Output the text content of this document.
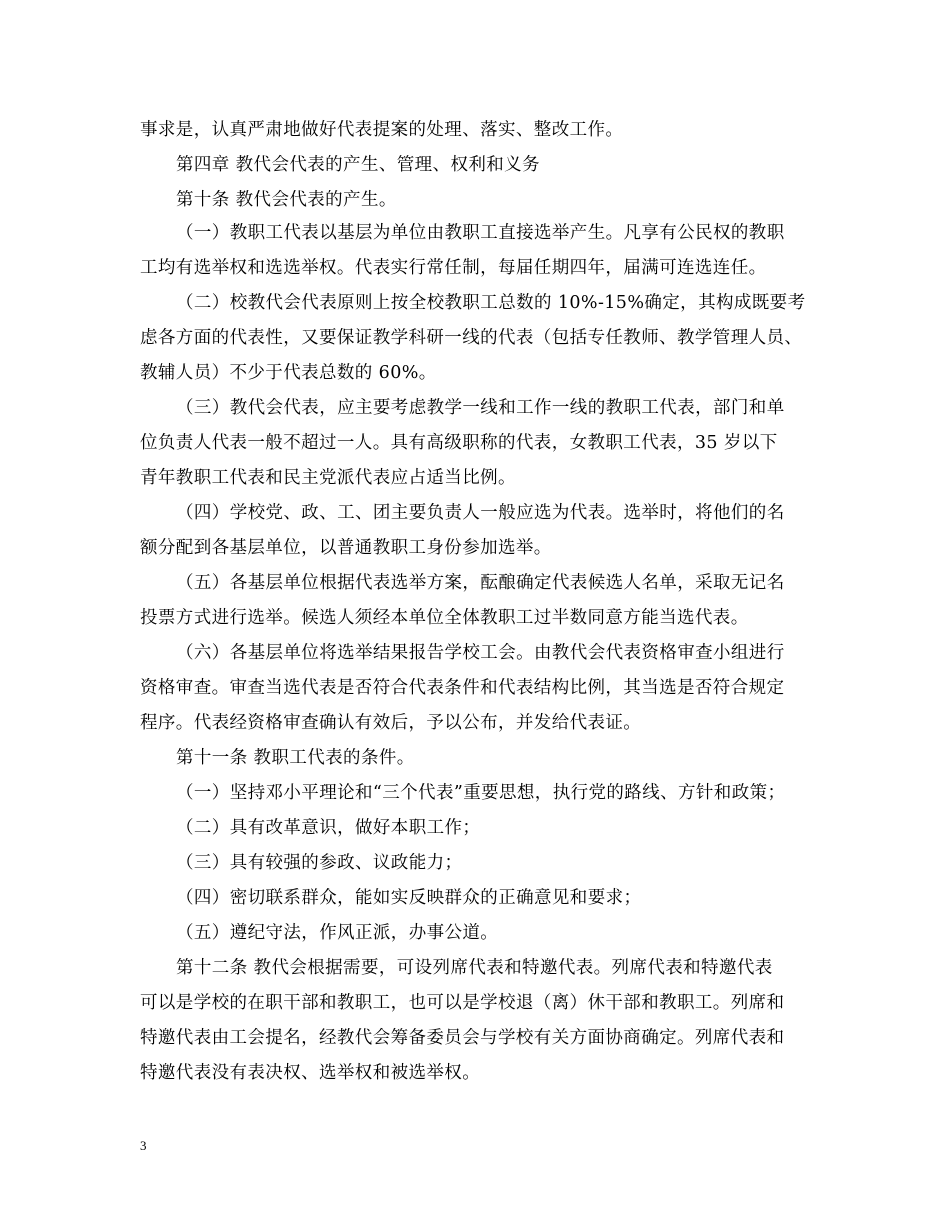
事求是，认真严肃地做好代表提案的处理、落实、整改工作。
第四章 教代会代表的产生、管理、权利和义务
第十条 教代会代表的产生。
（一）教职工代表以基层为单位由教职工直接选举产生。凡享有公民权的教职
工均有选举权和选选举权。代表实行常任制，每届任期四年，届满可连选连任。
（二）校教代会代表原则上按全校教职工总数的 10%-15%确定，其构成既要考
虑各方面的代表性，又要保证教学科研一线的代表（包括专任教师、教学管理人员、
教辅人员）不少于代表总数的 60%。
（三）教代会代表，应主要考虑教学一线和工作一线的教职工代表，部门和单
位负责人代表一般不超过一人。具有高级职称的代表，女教职工代表，35 岁以下
青年教职工代表和民主党派代表应占适当比例。
（四）学校党、政、工、团主要负责人一般应选为代表。选举时，将他们的名
额分配到各基层单位，以普通教职工身份参加选举。
（五）各基层单位根据代表选举方案，酝酿确定代表候选人名单，采取无记名
投票方式进行选举。候选人须经本单位全体教职工过半数同意方能当选代表。
（六）各基层单位将选举结果报告学校工会。由教代会代表资格审查小组进行
资格审查。审查当选代表是否符合代表条件和代表结构比例，其当选是否符合规定
程序。代表经资格审查确认有效后，予以公布，并发给代表证。
第十一条 教职工代表的条件。
（一）坚持邓小平理论和“三个代表”重要思想，执行党的路线、方针和政策；
（二）具有改革意识，做好本职工作；
（三）具有较强的参政、议政能力；
（四）密切联系群众，能如实反映群众的正确意见和要求；
（五）遵纪守法，作风正派，办事公道。
第十二条 教代会根据需要，可设列席代表和特邀代表。列席代表和特邀代表
可以是学校的在职干部和教职工，也可以是学校退（离）休干部和教职工。列席和
特邀代表由工会提名，经教代会筹备委员会与学校有关方面协商确定。列席代表和
特邀代表没有表决权、选举权和被选举权。
3
